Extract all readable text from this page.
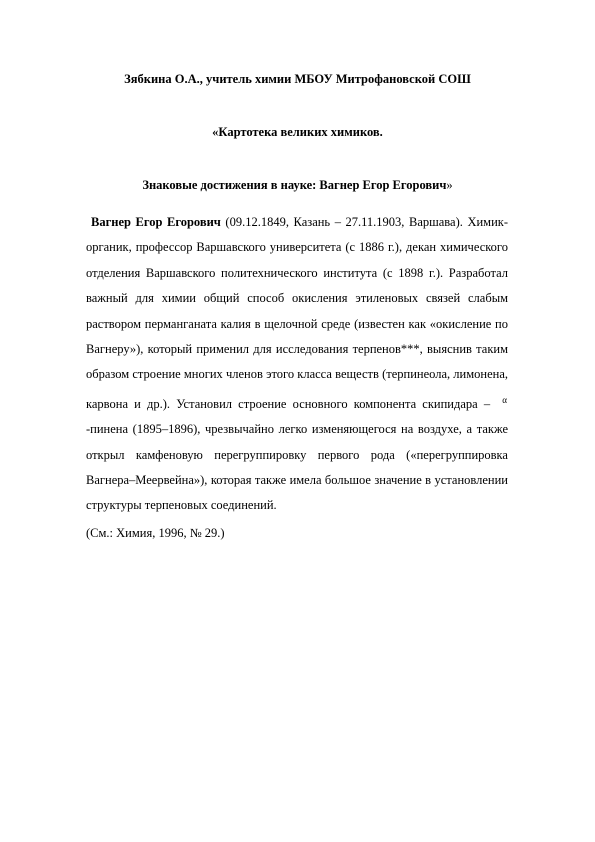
Зябкина О.А., учитель химии МБОУ Митрофановской СОШ
«Картотека великих химиков.
Знаковые достижения в науке: Вагнер Егор Егорович»
Вагнер Егор Егорович (09.12.1849, Казань – 27.11.1903, Варшава). Химик-органик, профессор Варшавского университета (с 1886 г.), декан химического отделения Варшавского политехнического института (с 1898 г.). Разработал важный для химии общий способ окисления этиленовых связей слабым раствором перманганата калия в щелочной среде (известен как «окисление по Вагнеру»), который применил для исследования терпенов***, выяснив таким образом строение многих членов этого класса веществ (терпинеола, лимонена, карвона и др.). Установил строение основного компонента скипидара – α-пинена (1895–1896), чрезвычайно легко изменяющегося на воздухе, а также открыл камфеновую перегруппировку первого рода («перегруппировка Вагнера–Меервейна»), которая также имела большое значение в установлении структуры терпеновых соединений.
(См.: Химия, 1996, № 29.)
